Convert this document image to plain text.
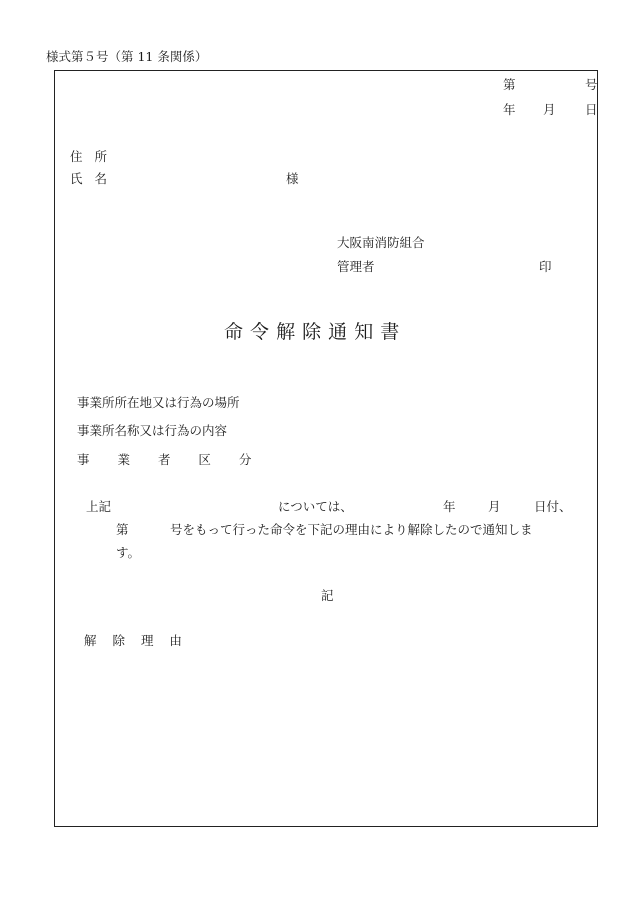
様式第５号（第 11 条関係）
第	号
年 月 日
住 所
氏 名	様
大阪南消防組合
管理者	印
命 令 解 除 通 知 書
事業所所在地又は行為の場所
事業所名称又は行為の内容
事 業 者 区 分
上記	については、	年	月	日付、
第	号をもって行った命令を下記の理由により解除したので通知しま
す。
記
解 除 理 由
